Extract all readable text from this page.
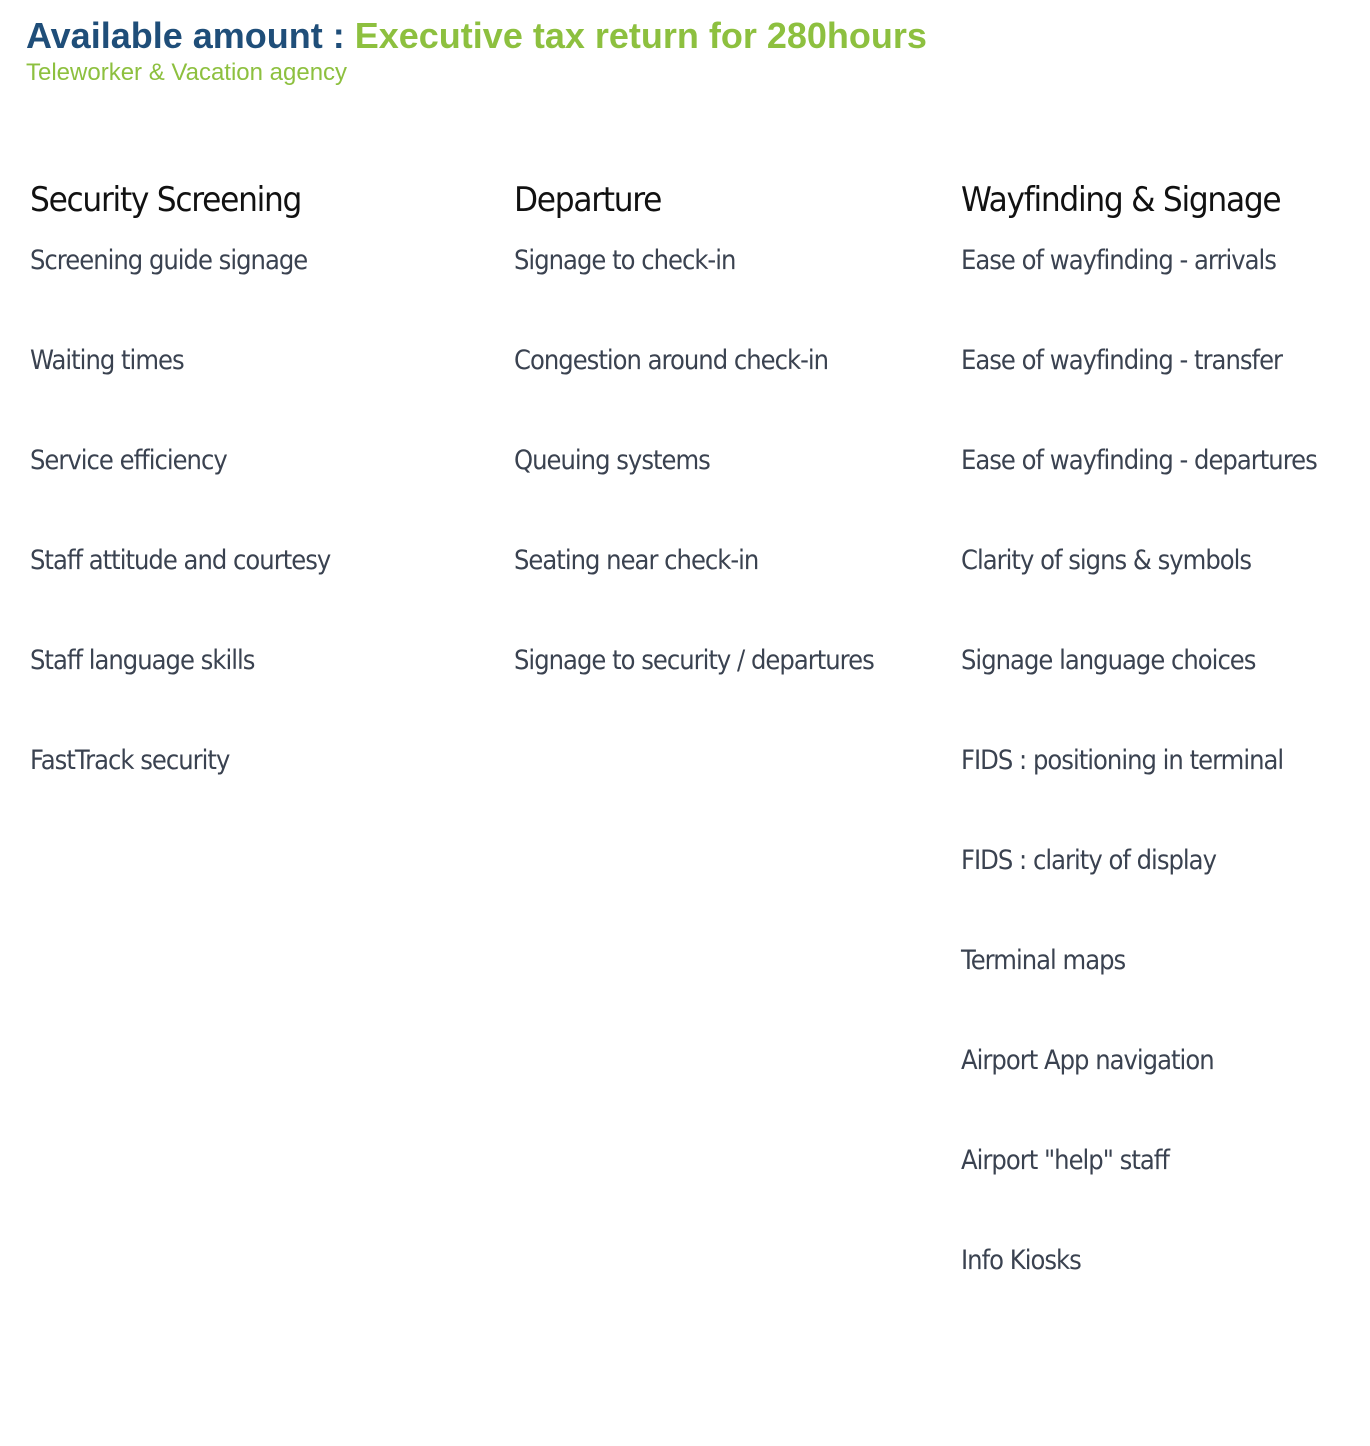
Available amount : Executive tax return for 280hours
Teleworker & Vacation agency
Security Screening
Screening guide signage
Waiting times
Service efficiency
Staff attitude and courtesy
Staff language skills
FastTrack security
Departure
Signage to check-in
Congestion around check-in
Queuing systems
Seating near check-in
Signage to security / departures
Wayfinding & Signage
Ease of wayfinding - arrivals
Ease of wayfinding - transfer
Ease of wayfinding - departures
Clarity of signs & symbols
Signage language choices
FIDS : positioning in terminal
FIDS : clarity of display
Terminal maps
Airport App navigation
Airport "help" staff
Info Kiosks
